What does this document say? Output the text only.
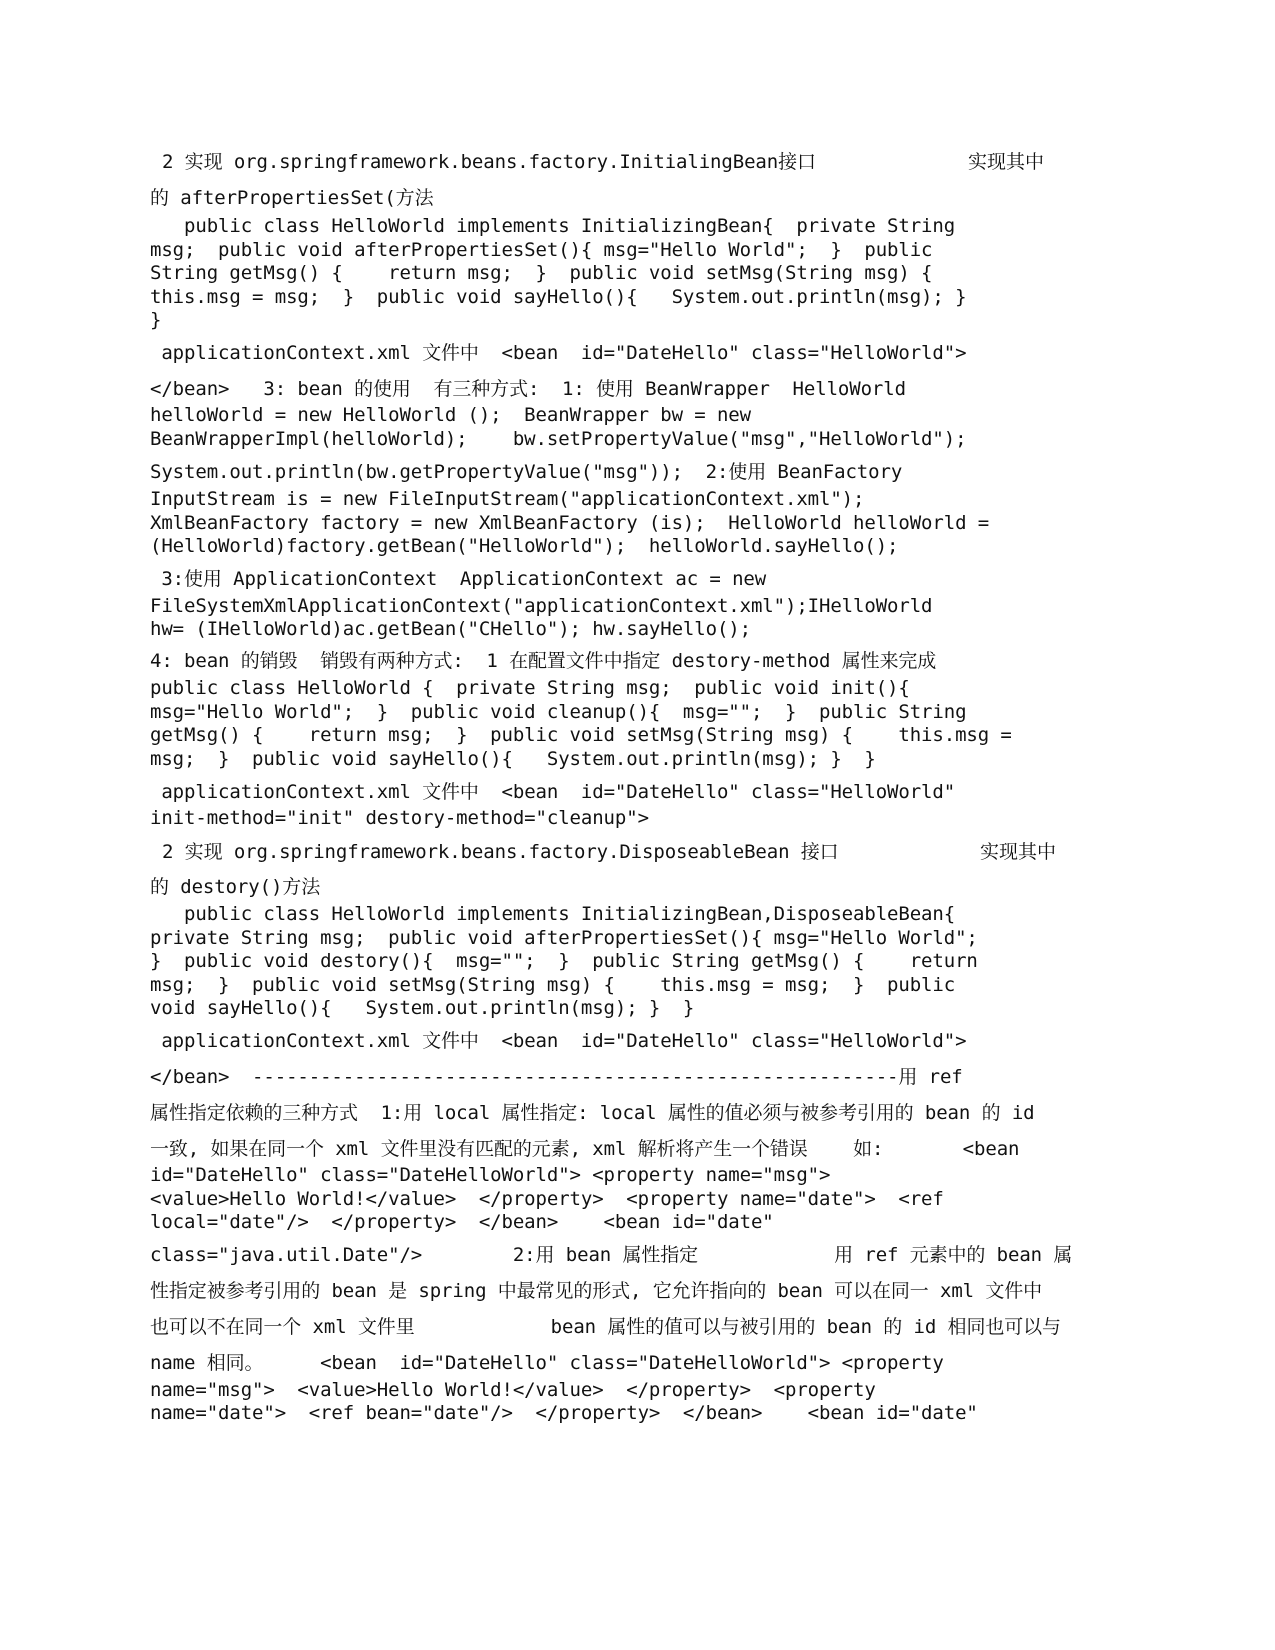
2 实现 org.springframework.beans.factory.InitialingBean接口	实现其中

的 afterPropertiesSet(方法

public class HelloWorld implements InitializingBean{  private String

msg;  public void afterPropertiesSet(){ msg="Hello World";  }  public

String getMsg() {    return msg;  }  public void setMsg(String msg) {

this.msg = msg;  }  public void sayHello(){   System.out.println(msg); }

}

applicationContext.xml 文件中  <bean  id="DateHello" class="HelloWorld">

</bean>   3: bean 的使用  有三种方式:  1: 使用 BeanWrapper  HelloWorld

helloWorld = new HelloWorld ();  BeanWrapper bw = new

BeanWrapperImpl(helloWorld);    bw.setPropertyValue("msg","HelloWorld");

System.out.println(bw.getPropertyValue("msg"));  2:使用 BeanFactory

InputStream is = new FileInputStream("applicationContext.xml");

XmlBeanFactory factory = new XmlBeanFactory (is);  HelloWorld helloWorld =

(HelloWorld)factory.getBean("HelloWorld");  helloWorld.sayHello();

3:使用 ApplicationContext  ApplicationContext ac = new

FileSystemXmlApplicationContext("applicationContext.xml");IHelloWorld

hw= (IHelloWorld)ac.getBean("CHello"); hw.sayHello();

4: bean 的销毁  销毁有两种方式:  1 在配置文件中指定 destory-method 属性来完成

public class HelloWorld {  private String msg;  public void init(){

msg="Hello World";  }  public void cleanup(){  msg="";  }  public String

getMsg() {    return msg;  }  public void setMsg(String msg) {    this.msg =

msg;  }  public void sayHello(){   System.out.println(msg); }  }

applicationContext.xml 文件中  <bean  id="DateHello" class="HelloWorld"

init-method="init" destory-method="cleanup">

2 实现 org.springframework.beans.factory.DisposeableBean 接口	实现其中

的 destory()方法

public class HelloWorld implements InitializingBean,DisposeableBean{

private String msg;  public void afterPropertiesSet(){ msg="Hello World";

}  public void destory(){  msg="";  }  public String getMsg() {    return

msg;  }  public void setMsg(String msg) {    this.msg = msg;  }  public

void sayHello(){   System.out.println(msg); }  }

applicationContext.xml 文件中  <bean  id="DateHello" class="HelloWorld">

</bean>  ---------------------------------------------------------用 ref

属性指定依赖的三种方式  1:用 local 属性指定: local 属性的值必须与被参考引用的 bean 的 id

一致, 如果在同一个 xml 文件里没有匹配的元素, xml 解析将产生一个错误    如:       <bean

id="DateHello" class="DateHelloWorld"> <property name="msg">

<value>Hello World!</value>  </property>  <property name="date">  <ref

local="date"/>  </property>  </bean>    <bean id="date"

class="java.util.Date"/>        2:用 bean 属性指定            用 ref 元素中的 bean 属

性指定被参考引用的 bean 是 spring 中最常见的形式, 它允许指向的 bean 可以在同一 xml 文件中

也可以不在同一个 xml 文件里            bean 属性的值可以与被引用的 bean 的 id 相同也可以与

name 相同。     <bean  id="DateHello" class="DateHelloWorld"> <property

name="msg">  <value>Hello World!</value>  </property>  <property

name="date">  <ref bean="date"/>  </property>  </bean>    <bean id="date"
